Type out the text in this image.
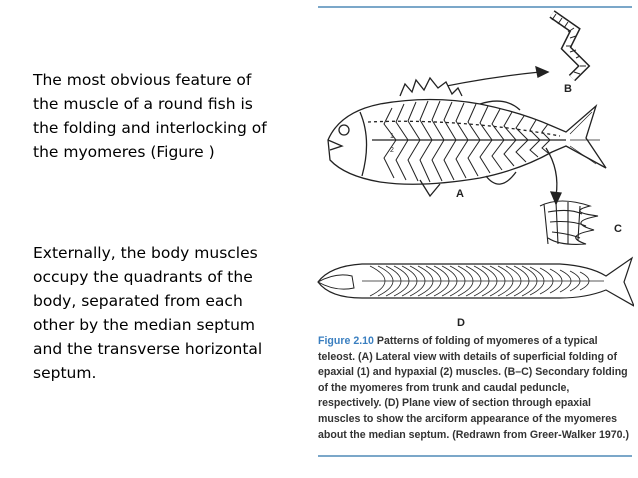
The most obvious feature of the muscle of a round fish is the folding and interlocking of the myomeres (Figure )
Externally, the body muscles occupy the quadrants of the body, separated from each other by the median septum and the transverse horizontal septum.
B
A
1
2
C
D
Figure 2.10 Patterns of folding of myomeres of a typical teleost. (A) Lateral view with details of superficial folding of epaxial (1) and hypaxial (2) muscles. (B–C) Secondary folding of the myomeres from trunk and caudal peduncle, respectively. (D) Plane view of section through epaxial muscles to show the arciform appearance of the myomeres about the median septum. (Redrawn from Greer-Walker 1970.)
